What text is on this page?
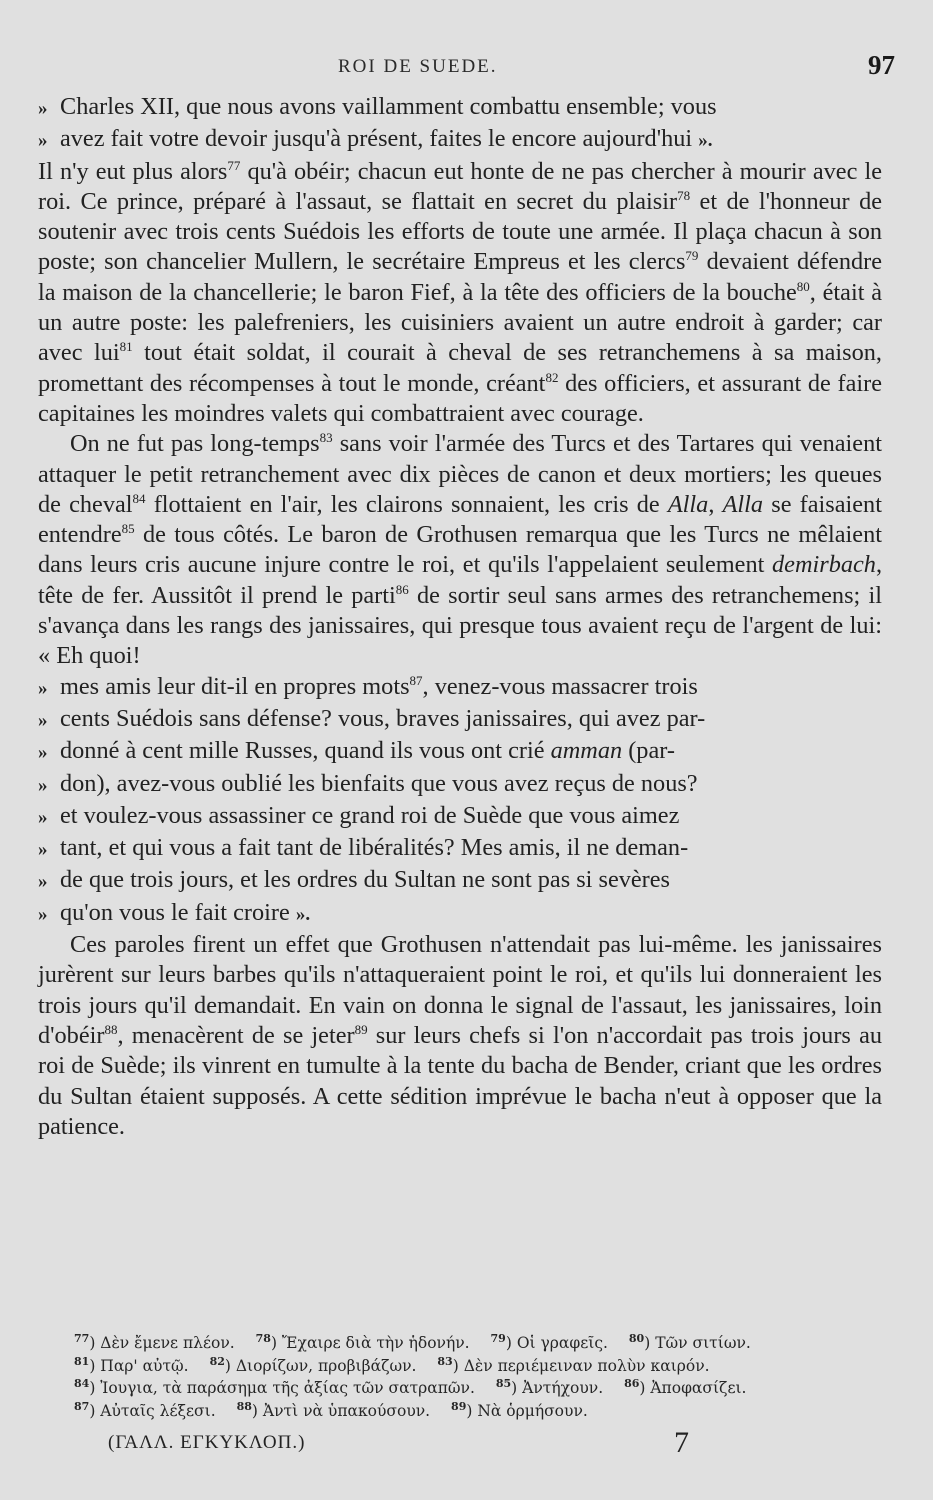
ROI DE SUEDE.	97

» Charles XII, que nous avons vaillamment combattu ensemble; vous
» avez fait votre devoir jusqu'à présent, faites le encore aujourd'hui ».
Il n'y eut plus alors$^{77}$ qu'à obéir; chacun eut honte de ne pas chercher à mourir avec le roi. Ce prince, préparé à l'assaut, se flattait en secret du plaisir$^{78}$ et de l'honneur de soutenir avec trois cents Suédois les efforts de toute une armée. Il plaça chacun à son poste; son chancelier Mullern, le secrétaire Empreus et les clercs$^{79}$ devaient défendre la maison de la chancellerie; le baron Fief, à la tête des officiers de la bouche$^{80}$, était à un autre poste: les palefreniers, les cuisiniers avaient un autre endroit à garder; car avec lui$^{81}$ tout était soldat, il courait à cheval de ses retranchemens à sa maison, promettant des récompenses à tout le monde, créant$^{82}$ des officiers, et assurant de faire capitaines les moindres valets qui combattraient avec courage.

On ne fut pas long-temps$^{83}$ sans voir l'armée des Turcs et des Tartares qui venaient attaquer le petit retranchement avec dix pièces de canon et deux mortiers; les queues de cheval$^{84}$ flottaient en l'air, les clairons sonnaient, les cris de Alla, Alla se faisaient entendre$^{85}$ de tous côtés. Le baron de Grothusen remarqua que les Turcs ne mêlaient dans leurs cris aucune injure contre le roi, et qu'ils l'appelaient seulement demirbach, tête de fer. Aussitôt il prend le parti$^{86}$ de sortir seul sans armes des retranchemens; il s'avança dans les rangs des janissaires, qui presque tous avaient reçu de l'argent de lui: « Eh quoi!
» mes amis leur dit-il en propres mots$^{87}$, venez-vous massacrer trois
» cents Suédois sans défense? vous, braves janissaires, qui avez par-
» donné à cent mille Russes, quand ils vous ont crié amman (par-
» don), avez-vous oublié les bienfaits que vous avez reçus de nous?
» et voulez-vous assassiner ce grand roi de Suède que vous aimez
» tant, et qui vous a fait tant de libéralités? Mes amis, il ne deman-
» de que trois jours, et les ordres du Sultan ne sont pas si sevères
» qu'on vous le fait croire ».

Ces paroles firent un effet que Grothusen n'attendait pas lui-même. les janissaires jurèrent sur leurs barbes qu'ils n'attaqueraient point le roi, et qu'ils lui donneraient les trois jours qu'il demandait. En vain on donna le signal de l'assaut, les janissaires, loin d'obéir$^{88}$, menacèrent de se jeter$^{89}$ sur leurs chefs si l'on n'accordait pas trois jours au roi de Suède; ils vinrent en tumulte à la tente du bacha de Bender, criant que les ordres du Sultan étaient supposés. A cette sédition imprévue le bacha n'eut à opposer que la patience.

$^{77}$) Δὲν ἔμενε πλέον. $^{78}$) Ἔχαιρε διὰ τὴν ἡδονήν. $^{79}$) Οἱ γραφεῖς. $^{80}$) Τῶν σιτίων.
$^{81}$) Παρ' αὐτῷ. $^{82}$) Διορίζων, προβιβάζων. $^{83}$) Δὲν περιέμειναν πολὺν καιρόν.
$^{84}$) Ἰουγια, τὰ παράσημα τῆς ἀξίας τῶν σατραπῶν. $^{85}$) Ἀντήχουν. $^{86}$) Ἀποφασίζει.
$^{87}$) Αὐταῖς λέξεσι. $^{88}$) Ἀντὶ νὰ ὑπακούσουν. $^{89}$) Νὰ ὁρμήσουν.
(ΓΑΛΛ. ΕΓΚΥΚΛΟΠ.)	7
